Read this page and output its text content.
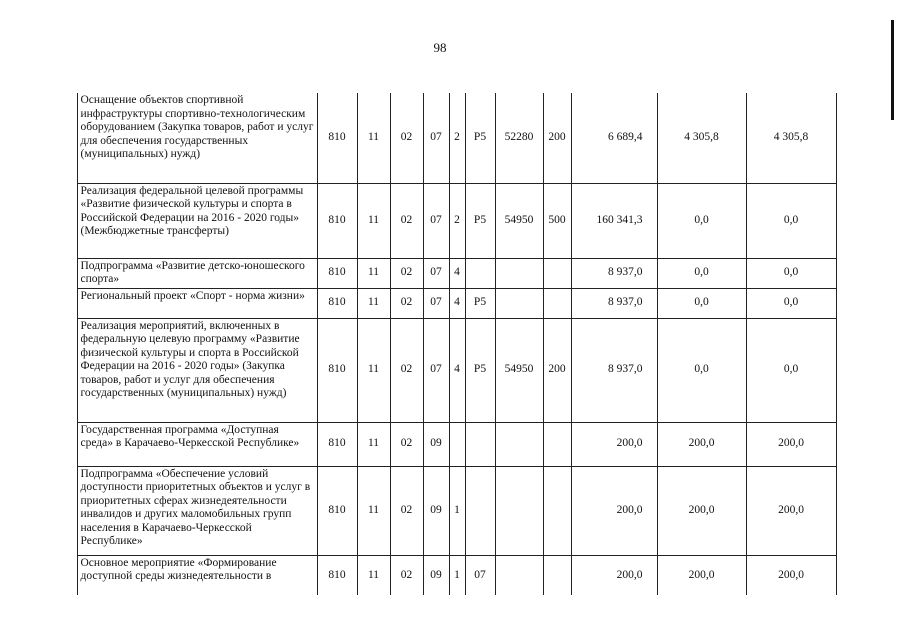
98
	Оснащение объектов спортивной инфраструктуры спортивно-технологическим оборудованием (Закупка товаров, работ и услуг для обеспечения государственных (муниципальных) нужд)	810	11	02	07	2	P5	52280	200	6 689,4	4 305,8	4 305,8
	Реализация федеральной целевой программы «Развитие физической культуры и спорта в Российской Федерации на 2016 - 2020 годы» (Межбюджетные трансферты)	810	11	02	07	2	P5	54950	500	160 341,3	0,0	0,0
	Подпрограмма «Развитие детско-юношеского спорта»	810	11	02	07	4				8 937,0	0,0	0,0
	Региональный проект «Спорт - норма жизни»	810	11	02	07	4	P5			8 937,0	0,0	0,0
	Реализация мероприятий, включенных в федеральную целевую программу «Развитие физической культуры и спорта в Российской Федерации на 2016 - 2020 годы» (Закупка товаров, работ и услуг для обеспечения государственных (муниципальных) нужд)	810	11	02	07	4	P5	54950	200	8 937,0	0,0	0,0
	Государственная программа «Доступная среда» в Карачаево-Черкесской Республике»	810	11	02	09					200,0	200,0	200,0
	Подпрограмма «Обеспечение условий доступности приоритетных объектов и услуг в приоритетных сферах жизнедеятельности инвалидов и других маломобильных групп населения в Карачаево-Черкесской Республике»	810	11	02	09	1				200,0	200,0	200,0
	Основное мероприятие «Формирование доступной среды жизнедеятельности в	810	11	02	09	1	07			200,0	200,0	200,0
